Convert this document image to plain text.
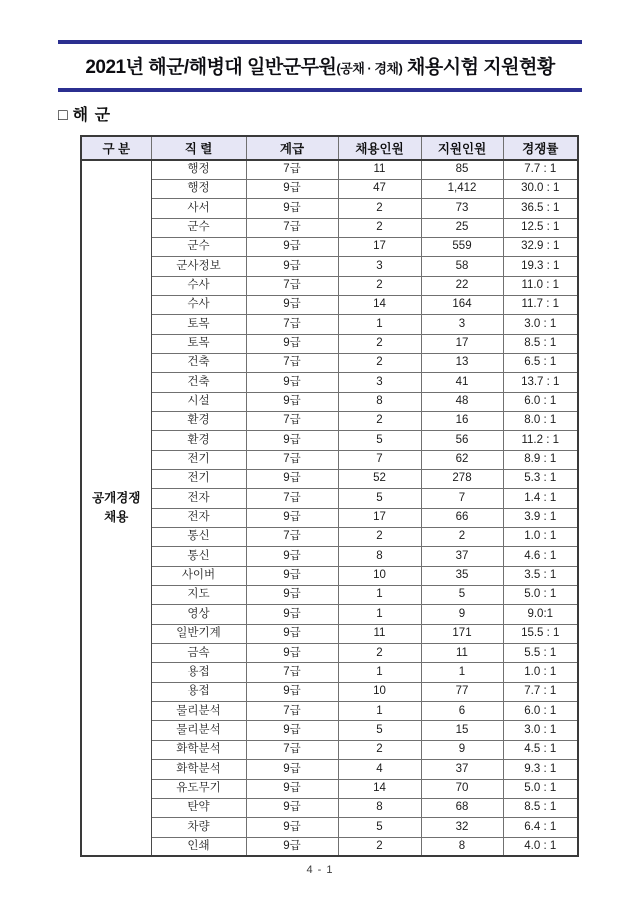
2021년 해군/해병대 일반군무원(공채 · 경채) 채용시험 지원현황
□ 해 군
구 분	직 렬	계급	채용인원	지원인원	경쟁률

공개경쟁
채용	행정	7급	11	85	7.7 : 1
	행정	9급	47	1,412	30.0 : 1
	사서	9급	2	73	36.5 : 1
	군수	7급	2	25	12.5 : 1
	군수	9급	17	559	32.9 : 1
	군사정보	9급	3	58	19.3 : 1
	수사	7급	2	22	11.0 : 1
	수사	9급	14	164	11.7 : 1
	토목	7급	1	3	3.0 : 1
	토목	9급	2	17	8.5 : 1
	건축	7급	2	13	6.5 : 1
	건축	9급	3	41	13.7 : 1
	시설	9급	8	48	6.0 : 1
	환경	7급	2	16	8.0 : 1
	환경	9급	5	56	11.2 : 1
	전기	7급	7	62	8.9 : 1
	전기	9급	52	278	5.3 : 1
	전자	7급	5	7	1.4 : 1
	전자	9급	17	66	3.9 : 1
	통신	7급	2	2	1.0 : 1
	통신	9급	8	37	4.6 : 1
	사이버	9급	10	35	3.5 : 1
	지도	9급	1	5	5.0 : 1
	영상	9급	1	9	9.0:1
	일반기계	9급	11	171	15.5 : 1
	금속	9급	2	11	5.5 : 1
	용접	7급	1	1	1.0 : 1
	용접	9급	10	77	7.7 : 1
	물리분석	7급	1	6	6.0 : 1
	물리분석	9급	5	15	3.0 : 1
	화학분석	7급	2	9	4.5 : 1
	화학분석	9급	4	37	9.3 : 1
	유도무기	9급	14	70	5.0 : 1
	탄약	9급	8	68	8.5 : 1
	차량	9급	5	32	6.4 : 1
	인쇄	9급	2	8	4.0 : 1
4 - 1
